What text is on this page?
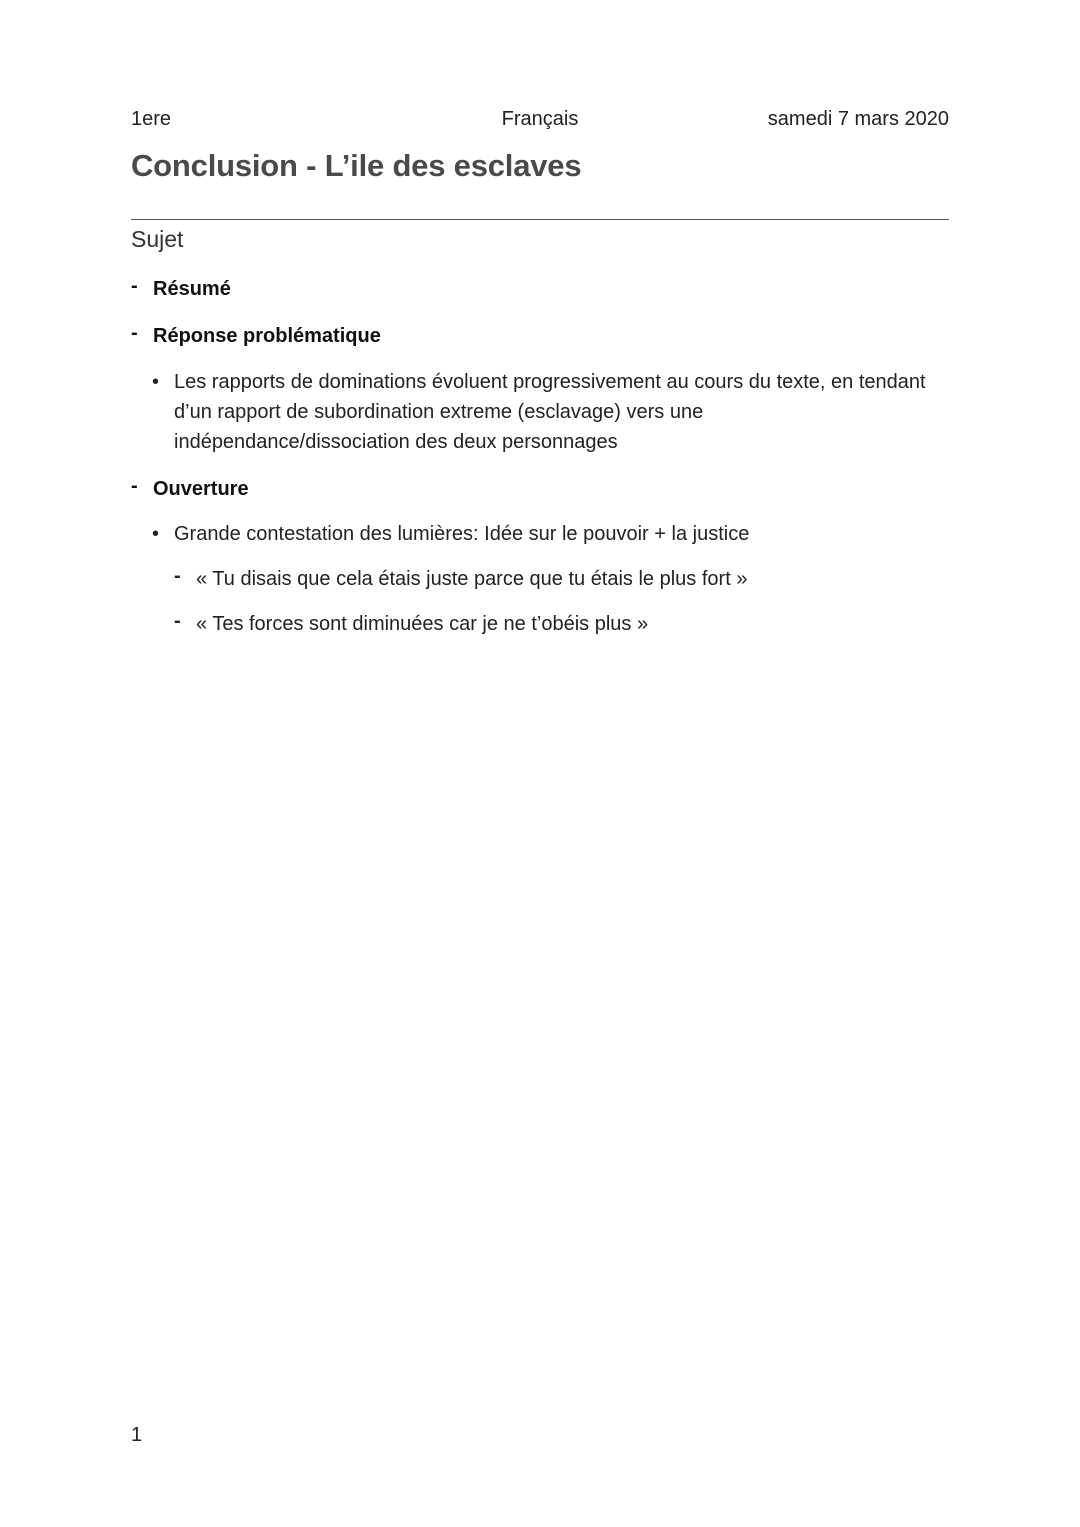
1ere	Français	samedi 7 mars 2020
Conclusion - L’ile des esclaves
Sujet
- Résumé
- Réponse problématique
• Les rapports de dominations évoluent progressivement au cours du texte, en tendant d’un rapport de subordination extreme (esclavage) vers une indépendance/dissociation des deux personnages
- Ouverture
• Grande contestation des lumières: Idée sur le pouvoir + la justice
- « Tu disais que cela étais juste parce que tu étais le plus fort »
- « Tes forces sont diminuées car je ne t’obéis plus »
1
